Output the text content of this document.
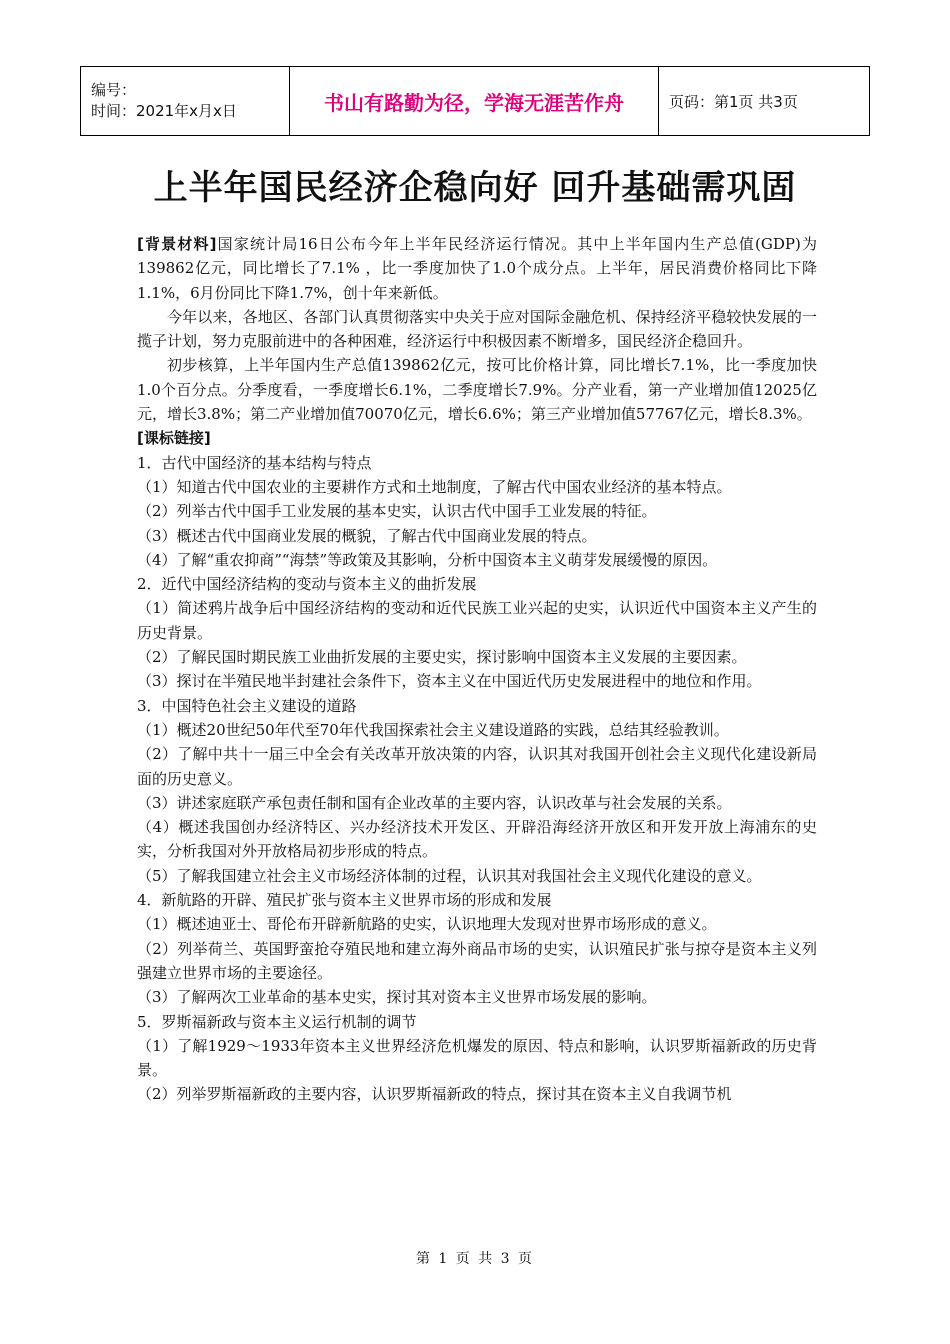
编号：
时间：2021年x月x日	书山有路勤为径，学海无涯苦作舟	页码：第1页 共3页
上半年国民经济企稳向好 回升基础需巩固

[背景材料]国家统计局16日公布今年上半年民经济运行情况。其中上半年国内生产总值(GDP)为139862亿元，同比增长了7.1% ，比一季度加快了1.0个成分点。上半年，居民消费价格同比下降1.1%，6月份同比下降1.7%，创十年来新低。

今年以来，各地区、各部门认真贯彻落实中央关于应对国际金融危机、保持经济平稳较快发展的一揽子计划，努力克服前进中的各种困难，经济运行中积极因素不断增多，国民经济企稳回升。

初步核算，上半年国内生产总值139862亿元，按可比价格计算，同比增长7.1%，比一季度加快1.0个百分点。分季度看，一季度增长6.1%，二季度增长7.9%。分产业看，第一产业增加值12025亿元，增长3.8%；第二产业增加值70070亿元，增长6.6%；第三产业增加值57767亿元，增长8.3%。

[课标链接]

1．古代中国经济的基本结构与特点

（1）知道古代中国农业的主要耕作方式和土地制度，了解古代中国农业经济的基本特点。

（2）列举古代中国手工业发展的基本史实，认识古代中国手工业发展的特征。

（3）概述古代中国商业发展的概貌，了解古代中国商业发展的特点。

（4）了解“重农抑商”“海禁”等政策及其影响，分析中国资本主义萌芽发展缓慢的原因。

2．近代中国经济结构的变动与资本主义的曲折发展

（1）简述鸦片战争后中国经济结构的变动和近代民族工业兴起的史实，认识近代中国资本主义产生的历史背景。

（2）了解民国时期民族工业曲折发展的主要史实，探讨影响中国资本主义发展的主要因素。

（3）探讨在半殖民地半封建社会条件下，资本主义在中国近代历史发展进程中的地位和作用。

3．中国特色社会主义建设的道路

（1）概述20世纪50年代至70年代我国探索社会主义建设道路的实践，总结其经验教训。

（2）了解中共十一届三中全会有关改革开放决策的内容，认识其对我国开创社会主义现代化建设新局面的历史意义。

（3）讲述家庭联产承包责任制和国有企业改革的主要内容，认识改革与社会发展的关系。

（4）概述我国创办经济特区、兴办经济技术开发区、开辟沿海经济开放区和开发开放上海浦东的史实，分析我国对外开放格局初步形成的特点。

（5）了解我国建立社会主义市场经济体制的过程，认识其对我国社会主义现代化建设的意义。

4．新航路的开辟、殖民扩张与资本主义世界市场的形成和发展

（1）概述迪亚士、哥伦布开辟新航路的史实，认识地理大发现对世界市场形成的意义。

（2）列举荷兰、英国野蛮抢夺殖民地和建立海外商品市场的史实，认识殖民扩张与掠夺是资本主义列强建立世界市场的主要途径。

（3）了解两次工业革命的基本史实，探讨其对资本主义世界市场发展的影响。

5．罗斯福新政与资本主义运行机制的调节

（1）了解1929～1933年资本主义世界经济危机爆发的原因、特点和影响，认识罗斯福新政的历史背景。

（2）列举罗斯福新政的主要内容，认识罗斯福新政的特点，探讨其在资本主义自我调节机

第 1 页 共 3 页
